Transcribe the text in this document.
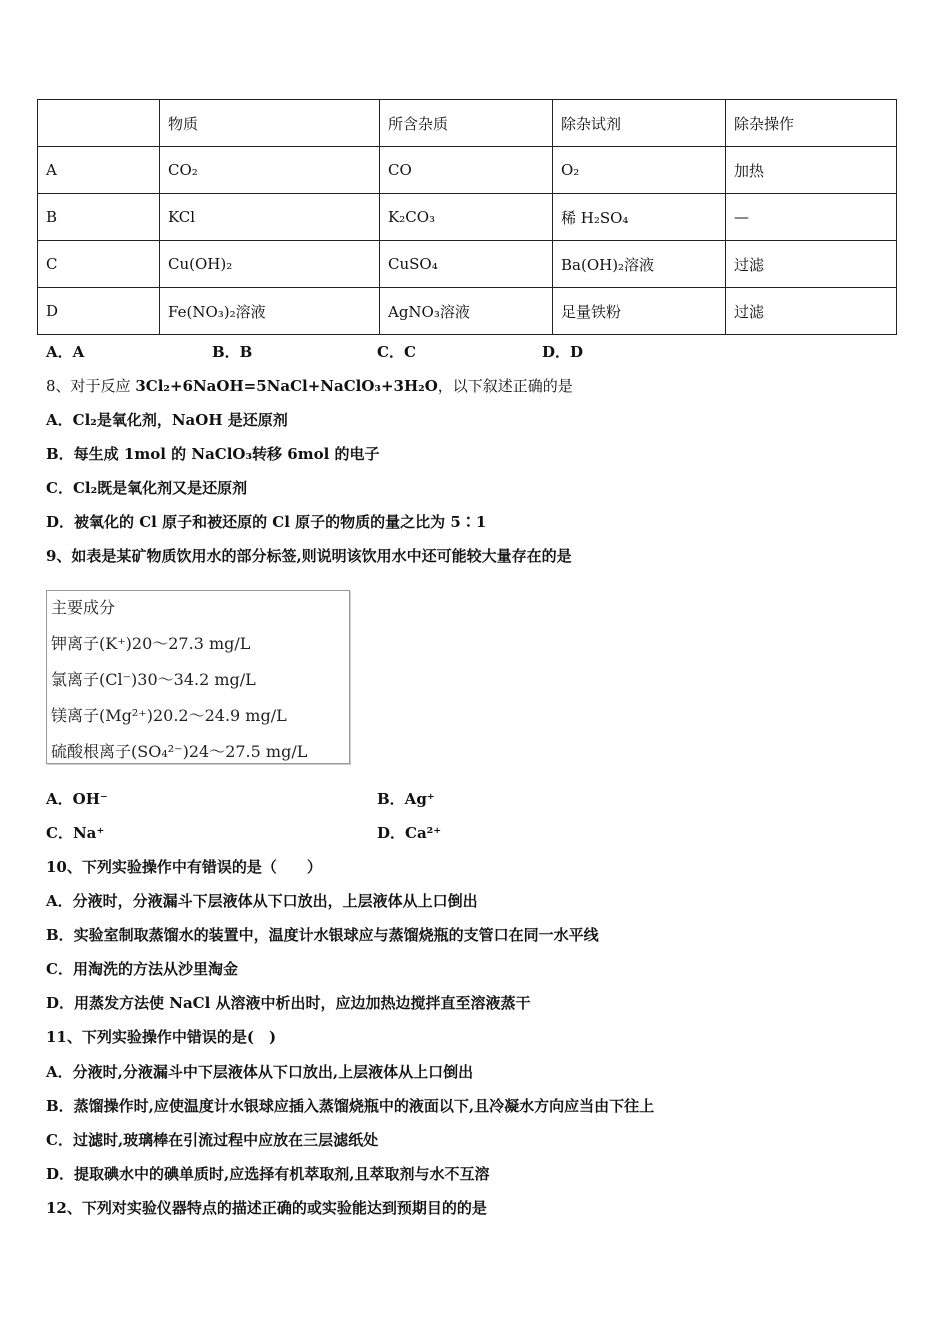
	物质	所含杂质	除杂试剂	除杂操作
A	CO₂	CO	O₂	加热
B	KCl	K₂CO₃	稀 H₂SO₄	—
C	Cu(OH)₂	CuSO₄	Ba(OH)₂溶液	过滤
D	Fe(NO₃)₂溶液	AgNO₃溶液	足量铁粉	过滤
A．A	B．B	C．C	D．D
8、对于反应 3Cl₂+6NaOH=5NaCl+NaClO₃+3H₂O，以下叙述正确的是
A．Cl₂是氧化剂，NaOH 是还原剂
B．每生成 1mol 的 NaClO₃转移 6mol 的电子
C．Cl₂既是氧化剂又是还原剂
D．被氧化的 Cl 原子和被还原的 Cl 原子的物质的量之比为 5∶1
9、如表是某矿物质饮用水的部分标签,则说明该饮用水中还可能较大量存在的是
主要成分
钾离子(K⁺)20～27.3 mg/L
氯离子(Cl⁻)30～34.2 mg/L
镁离子(Mg²⁺)20.2～24.9 mg/L
硫酸根离子(SO₄²⁻)24～27.5 mg/L
A．OH⁻	B．Ag⁺
C．Na⁺	D．Ca²⁺
10、下列实验操作中有错误的是（　　）
A．分液时，分液漏斗下层液体从下口放出，上层液体从上口倒出
B．实验室制取蒸馏水的装置中，温度计水银球应与蒸馏烧瓶的支管口在同一水平线
C．用淘洗的方法从沙里淘金
D．用蒸发方法使 NaCl 从溶液中析出时，应边加热边搅拌直至溶液蒸干
11、下列实验操作中错误的是(　)
A．分液时,分液漏斗中下层液体从下口放出,上层液体从上口倒出
B．蒸馏操作时,应使温度计水银球应插入蒸馏烧瓶中的液面以下,且冷凝水方向应当由下往上
C．过滤时,玻璃棒在引流过程中应放在三层滤纸处
D．提取碘水中的碘单质时,应选择有机萃取剂,且萃取剂与水不互溶
12、下列对实验仪器特点的描述正确的或实验能达到预期目的的是
